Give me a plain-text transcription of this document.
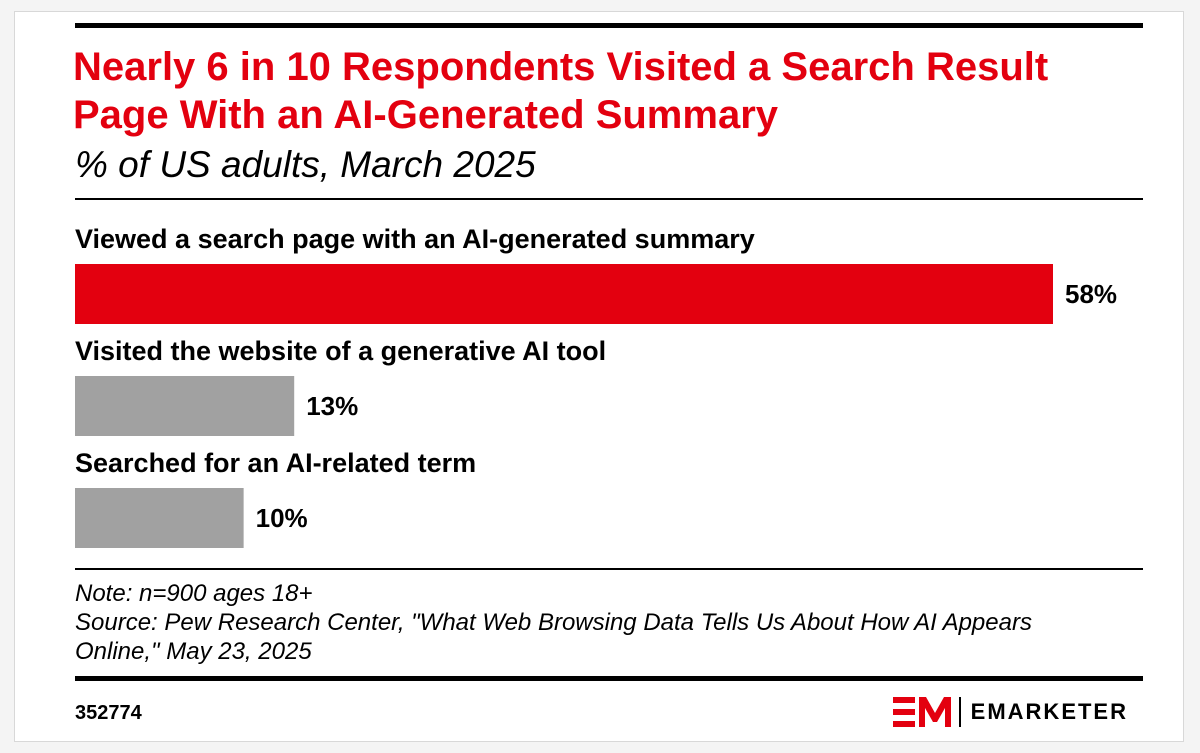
Nearly 6 in 10 Respondents Visited a Search Result Page With an AI-Generated Summary

% of US adults, March 2025

Viewed a search page with an AI-generated summary
58%
Visited the website of a generative AI tool
13%
Searched for an AI-related term
10%
Note: n=900 ages 18+
Source: Pew Research Center, "What Web Browsing Data Tells Us About How AI Appears
Online," May 23, 2025
352774	EMARKETER
